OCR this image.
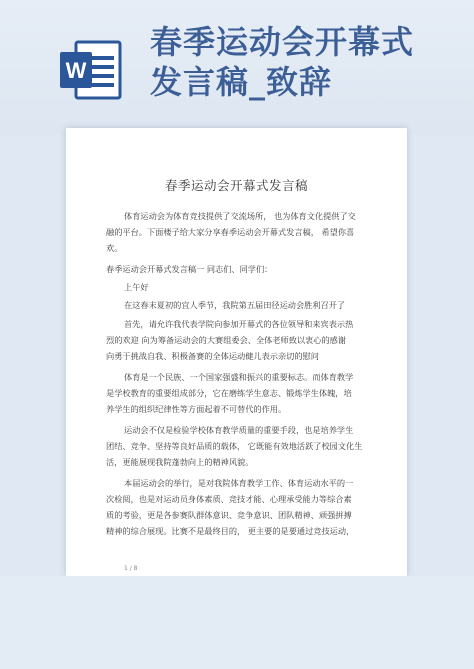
W
春季运动会开幕式
发言稿_致辞
春季运动会开幕式发言稿
体育运动会为体育竞技提供了交流场所， 也为体育文化提供了交
融的平台。下面楼子给大家分享春季运动会开幕式发言稿， 希望你喜
欢。
春季运动会开幕式发言稿一 同志们、同学们：
上午好
在这春末夏初的宜人季节，我院第五届田径运动会胜利召开了
首先，请允许我代表学院向参加开幕式的各位领导和来宾表示热
烈的欢迎 向为筹备运动会的大赛组委会、全体老师致以衷心的感谢
向勇于挑战自我、积极备赛的全体运动健儿表示亲切的慰问
体育是一个民族、一个国家强盛和振兴的重要标志。而体育教学
是学校教育的重要组成部分，它在磨练学生意志、锻炼学生体魄，培
养学生的组织纪律性等方面起着不可替代的作用。
运动会不仅是检验学校体育教学质量的重要手段，也是培养学生
团结、竞争、坚持等良好品质的载体， 它既能有效地活跃了校园文化生
活，更能展现我院蓬勃向上的精神风貌。
本届运动会的举行，是对我院体育教学工作、体育运动水平的一
次检阅，也是对运动员身体素质、竞技才能、心理承受能力等综合素
质的考验，更是各参赛队群体意识、竞争意识、团队精神、顽强拼搏
精神的综合展现。比赛不是最终目的， 更主要的是要通过竞技运动，
1 / 8
